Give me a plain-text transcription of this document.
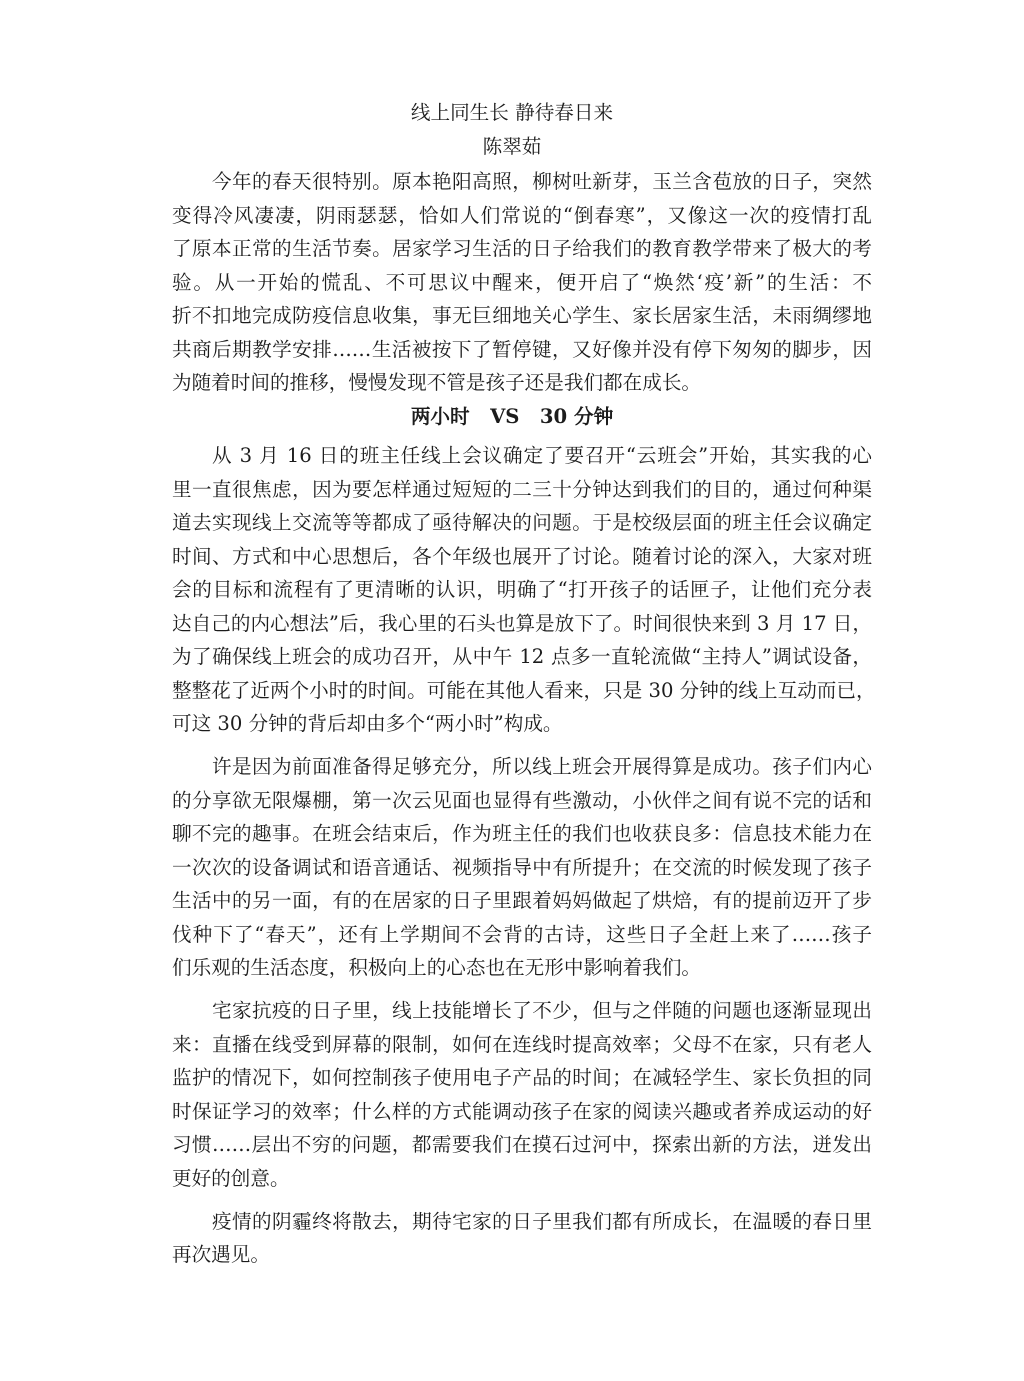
线上同生长 静待春日来
陈翠茹
今年的春天很特别。原本艳阳高照，柳树吐新芽，玉兰含苞放的日子，突然
变得冷风凄凄，阴雨瑟瑟，恰如人们常说的“倒春寒”，又像这一次的疫情打乱
了原本正常的生活节奏。居家学习生活的日子给我们的教育教学带来了极大的考
验。从一开始的慌乱、不可思议中醒来，便开启了“焕然‘疫’新”的生活：不
折不扣地完成防疫信息收集，事无巨细地关心学生、家长居家生活，未雨绸缪地
共商后期教学安排……生活被按下了暂停键，又好像并没有停下匆匆的脚步，因
为随着时间的推移，慢慢发现不管是孩子还是我们都在成长。
两小时   VS   30 分钟
从 3 月 16 日的班主任线上会议确定了要召开“云班会”开始，其实我的心
里一直很焦虑，因为要怎样通过短短的二三十分钟达到我们的目的，通过何种渠
道去实现线上交流等等都成了亟待解决的问题。于是校级层面的班主任会议确定
时间、方式和中心思想后，各个年级也展开了讨论。随着讨论的深入，大家对班
会的目标和流程有了更清晰的认识，明确了“打开孩子的话匣子，让他们充分表
达自己的内心想法”后，我心里的石头也算是放下了。时间很快来到 3 月 17 日，
为了确保线上班会的成功召开，从中午 12 点多一直轮流做“主持人”调试设备，
整整花了近两个小时的时间。可能在其他人看来，只是 30 分钟的线上互动而已，
可这 30 分钟的背后却由多个“两小时”构成。
许是因为前面准备得足够充分，所以线上班会开展得算是成功。孩子们内心
的分享欲无限爆棚，第一次云见面也显得有些激动，小伙伴之间有说不完的话和
聊不完的趣事。在班会结束后，作为班主任的我们也收获良多：信息技术能力在
一次次的设备调试和语音通话、视频指导中有所提升；在交流的时候发现了孩子
生活中的另一面，有的在居家的日子里跟着妈妈做起了烘焙，有的提前迈开了步
伐种下了“春天”，还有上学期间不会背的古诗，这些日子全赶上来了……孩子
们乐观的生活态度，积极向上的心态也在无形中影响着我们。
宅家抗疫的日子里，线上技能增长了不少，但与之伴随的问题也逐渐显现出
来：直播在线受到屏幕的限制，如何在连线时提高效率；父母不在家，只有老人
监护的情况下，如何控制孩子使用电子产品的时间；在减轻学生、家长负担的同
时保证学习的效率；什么样的方式能调动孩子在家的阅读兴趣或者养成运动的好
习惯……层出不穷的问题，都需要我们在摸石过河中，探索出新的方法，迸发出
更好的创意。
疫情的阴霾终将散去，期待宅家的日子里我们都有所成长，在温暖的春日里
再次遇见。
